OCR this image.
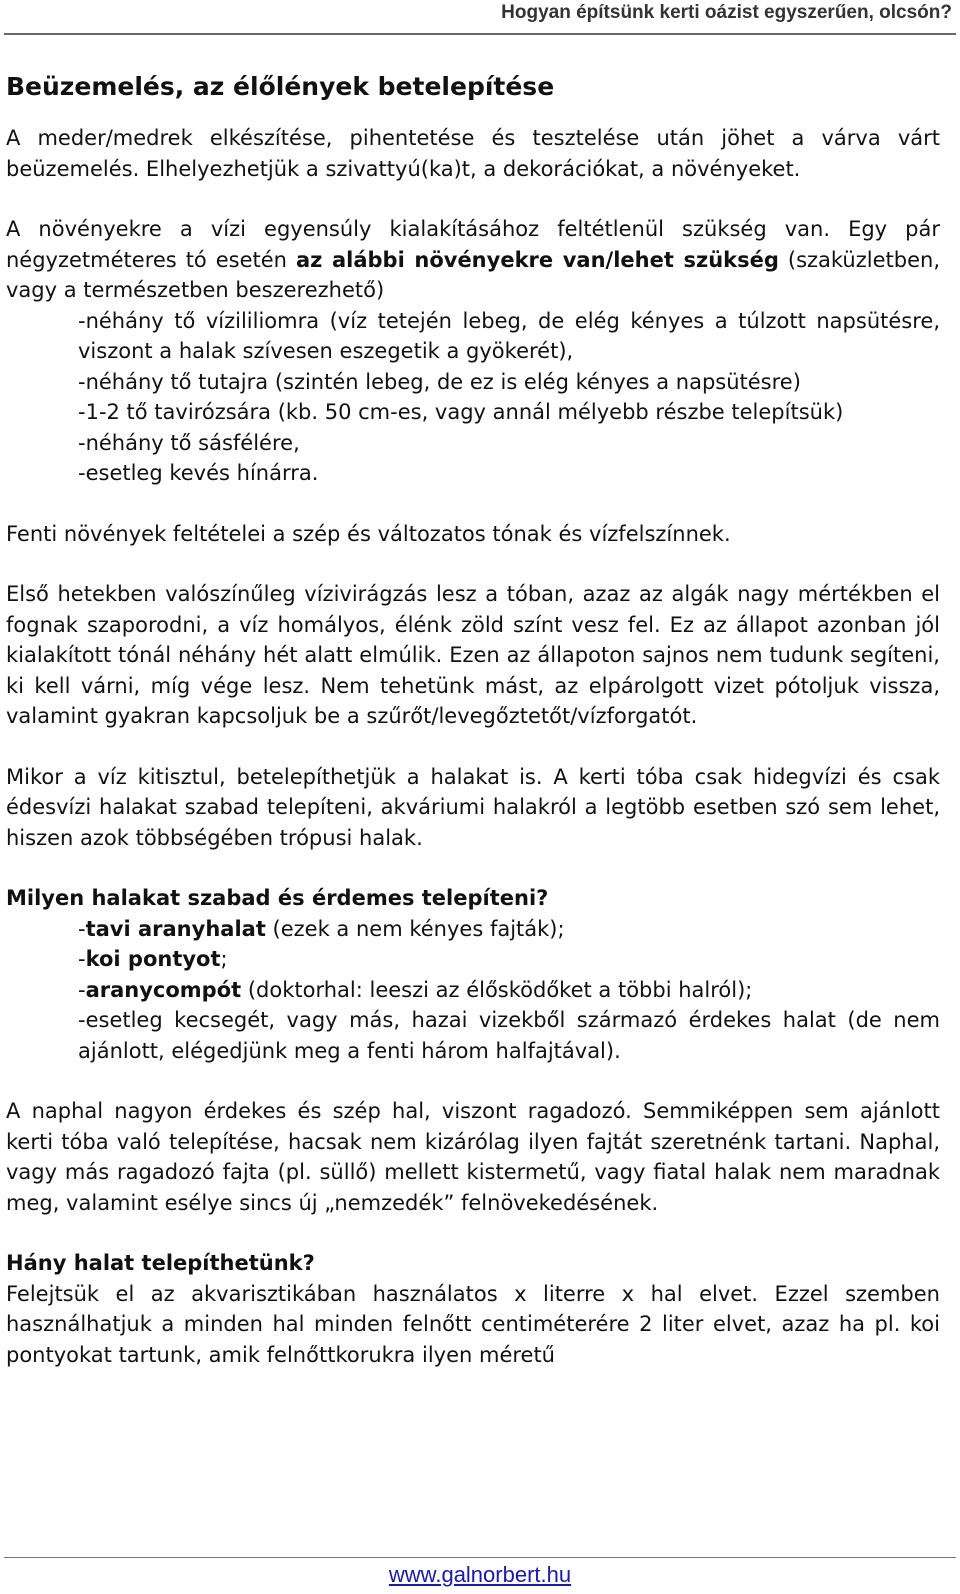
Hogyan építsünk kerti oázist egyszerűen, olcsón?

Beüzemelés, az élőlények betelepítése

A meder/medrek elkészítése, pihentetése és tesztelése után jöhet a várva várt beüzemelés. Elhelyezhetjük a szivattyú(ka)t, a dekorációkat, a növényeket.

A növényekre a vízi egyensúly kialakításához feltétlenül szükség van. Egy pár négyzetméteres tó esetén az alábbi növényekre van/lehet szükség (szaküzletben, vagy a természetben beszerezhető)

-néhány tő vízililiomra (víz tetején lebeg, de elég kényes a túlzott napsütésre, viszont a halak szívesen eszegetik a gyökerét),
-néhány tő tutajra (szintén lebeg, de ez is elég kényes a napsütésre)
-1-2 tő tavirózsára (kb. 50 cm-es, vagy annál mélyebb részbe telepítsük)
-néhány tő sásfélére,
-esetleg kevés hínárra.

Fenti növények feltételei a szép és változatos tónak és vízfelszínnek.

Első hetekben valószínűleg vízivirágzás lesz a tóban, azaz az algák nagy mértékben el fognak szaporodni, a víz homályos, élénk zöld színt vesz fel. Ez az állapot azonban jól kialakított tónál néhány hét alatt elmúlik. Ezen az állapoton sajnos nem tudunk segíteni, ki kell várni, míg vége lesz. Nem tehetünk mást, az elpárolgott vizet pótoljuk vissza, valamint gyakran kapcsoljuk be a szűrőt/levegőztetőt/vízforgatót.

Mikor a víz kitisztul, betelepíthetjük a halakat is. A kerti tóba csak hidegvízi és csak édesvízi halakat szabad telepíteni, akváriumi halakról a legtöbb esetben szó sem lehet, hiszen azok többségében trópusi halak.

Milyen halakat szabad és érdemes telepíteni?

-tavi aranyhalat (ezek a nem kényes fajták);
-koi pontyot;
-aranycompót (doktorhal: leeszi az élősködőket a többi halról);
-esetleg kecsegét, vagy más, hazai vizekből származó érdekes halat (de nem ajánlott, elégedjünk meg a fenti három halfajtával).

A naphal nagyon érdekes és szép hal, viszont ragadozó. Semmiképpen sem ajánlott kerti tóba való telepítése, hacsak nem kizárólag ilyen fajtát szeretnénk tartani. Naphal, vagy más ragadozó fajta (pl. süllő) mellett kistermetű, vagy fiatal halak nem maradnak meg, valamint esélye sincs új „nemzedék” felnövekedésének.

Hány halat telepíthetünk?

Felejtsük el az akvarisztikában használatos x literre x hal elvet. Ezzel szemben használhatjuk a minden hal minden felnőtt centiméterére 2 liter elvet, azaz ha pl. koi pontyokat tartunk, amik felnőttkorukra ilyen méretű

www.galnorbert.hu
